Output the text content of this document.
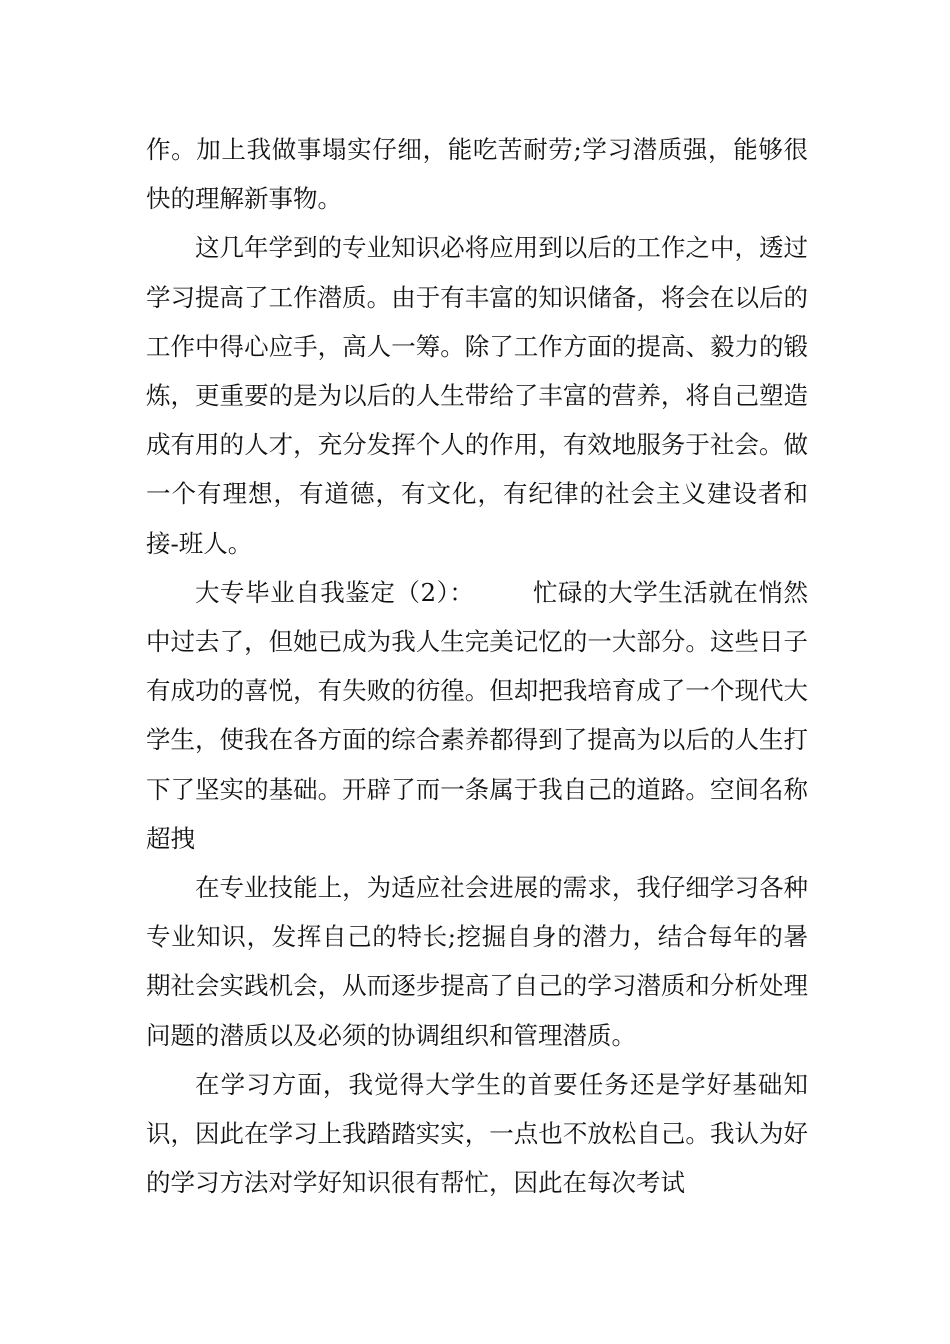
作。加上我做事塌实仔细，能吃苦耐劳;学习潜质强，能够很快的理解新事物。

这几年学到的专业知识必将应用到以后的工作之中，透过学习提高了工作潜质。由于有丰富的知识储备，将会在以后的工作中得心应手，高人一筹。除了工作方面的提高、毅力的锻炼，更重要的是为以后的人生带给了丰富的营养，将自己塑造成有用的人才，充分发挥个人的作用，有效地服务于社会。做一个有理想，有道德，有文化，有纪律的社会主义建设者和接-班人。

大专毕业自我鉴定（2）： 忙碌的大学生活就在悄然中过去了，但她已成为我人生完美记忆的一大部分。这些日子有成功的喜悦，有失败的彷徨。但却把我培育成了一个现代大学生，使我在各方面的综合素养都得到了提高为以后的人生打下了坚实的基础。开辟了而一条属于我自己的道路。空间名称超拽

在专业技能上，为适应社会进展的需求，我仔细学习各种专业知识，发挥自己的特长;挖掘自身的潜力，结合每年的暑期社会实践机会，从而逐步提高了自己的学习潜质和分析处理问题的潜质以及必须的协调组织和管理潜质。

在学习方面，我觉得大学生的首要任务还是学好基础知识，因此在学习上我踏踏实实，一点也不放松自己。我认为好的学习方法对学好知识很有帮忙，因此在每次考试
